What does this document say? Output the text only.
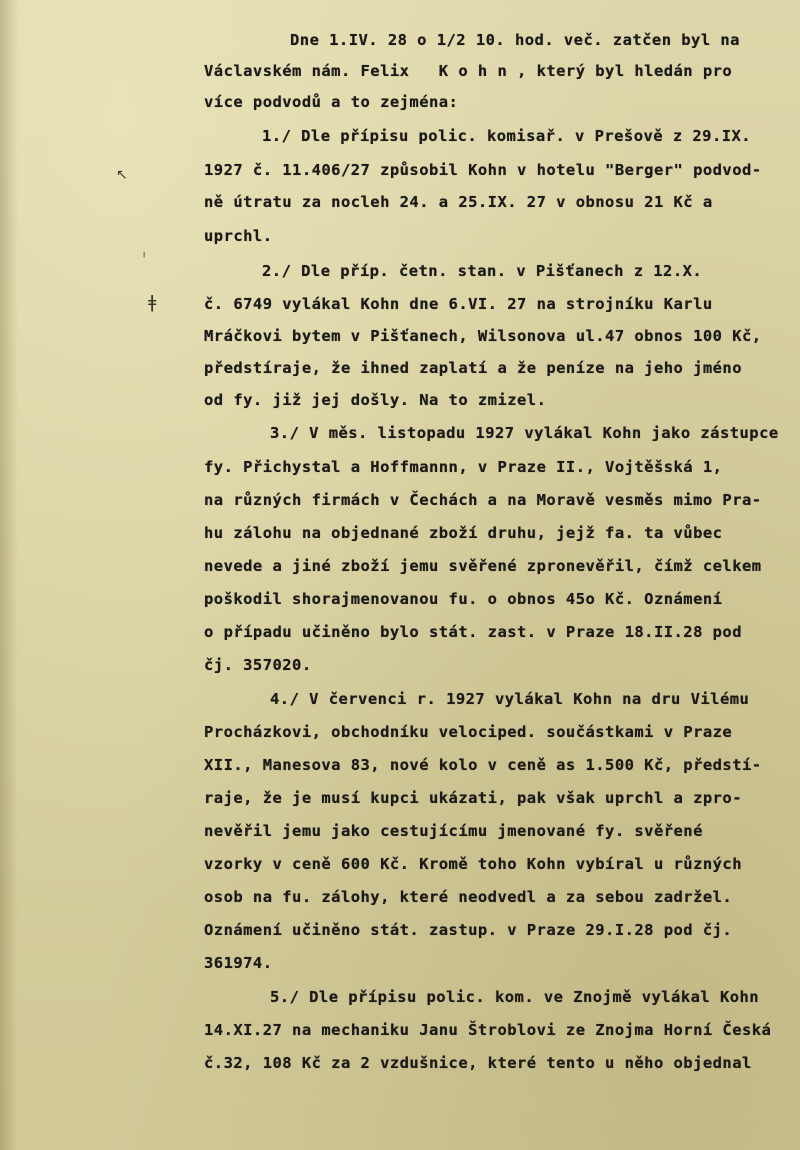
Dne 1.IV. 28 o 1/2 10. hod. več. zatčen byl na
Václavském nám. Felix   K o h n , který byl hledán pro
více podvodů a to zejména:
1./ Dle přípisu polic. komisař. v Prešově z 29.IX.
1927 č. 11.406/27 způsobil Kohn v hotelu "Berger" podvod-
ně útratu za nocleh 24. a 25.IX. 27 v obnosu 21 Kč a
uprchl.
2./ Dle příp. četn. stan. v Pišťanech z 12.X.
č. 6749 vylákal Kohn dne 6.VI. 27 na strojníku Karlu
Mráčkovi bytem v Pišťanech, Wilsonova ul.47 obnos 100 Kč,
předstíraje, že ihned zaplatí a že peníze na jeho jméno
od fy. již jej došly. Na to zmizel.
3./ V měs. listopadu 1927 vylákal Kohn jako zástupce
fy. Přichystal a Hoffmannn, v Praze II., Vojtěšská 1,
na různých firmách v Čechách a na Moravě vesměs mimo Pra-
hu zálohu na objednané zboží druhu, jejž fa. ta vůbec
nevede a jiné zboží jemu svěřené zpronevěřil, čímž celkem
poškodil shorajmenovanou fu. o obnos 45o Kč. Oznámení
o případu učiněno bylo stát. zast. v Praze 18.II.28 pod
čj. 357020.
4./ V červenci r. 1927 vylákal Kohn na dru Vilému
Procházkovi, obchodníku velociped. součástkami v Praze
XII., Manesova 83, nové kolo v ceně as 1.500 Kč, předstí-
raje, že je musí kupci ukázati, pak však uprchl a zpro-
nevěřil jemu jako cestujícímu jmenované fy. svěřené
vzorky v ceně 600 Kč. Kromě toho Kohn vybíral u různých
osob na fu. zálohy, které neodvedl a za sebou zadržel.
Oznámení učiněno stát. zastup. v Praze 29.I.28 pod čj.
361974.
5./ Dle přípisu polic. kom. ve Znojmě vylákal Kohn
14.XI.27 na mechaniku Janu Štroblovi ze Znojma Horní Česká
č.32, 108 Kč za 2 vzdušnice, které tento u něho objednal
↖
╵
ǂ
